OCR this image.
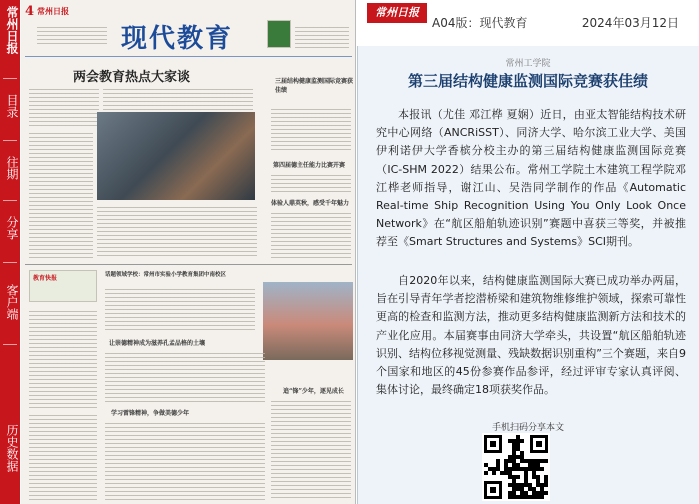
常州日报
目录
往期
分享
客户端
历史数据
4 常州日报
现代教育
两会教育热点大家谈	三届结构健康监测国际竞赛获佳绩
第四届德主任能力比赛开赛
体验人鼎英秋，感受千年魅力
教育快报	话题领域学校：常州市实验小学教育集团中南校区
让崇德精神成为滋养孔孟品格的土壤
追“锋”少年，逐见成长
学习雷锋精神，争做美德少年
常州日报
A04版：现代教育	2024年03月12日
常州工学院
第三届结构健康监测国际竞赛获佳绩
本报讯（尤佳 邓江桦 夏娴）近日，由亚太智能结构技术研究中心网络（ANCRiSST）、同济大学、哈尔滨工业大学、美国伊利诺伊大学香槟分校主办的第三届结构健康监测国际竞赛（IC-SHM 2022）结果公布。常州工学院土木建筑工程学院邓江桦老师指导，谢江山、吴浩同学制作的作品《Automatic Real-time Ship Recognition Using You Only Look Once Network》在“航区船舶轨迹识别”赛题中喜获三等奖，并被推荐至《Smart Structures and Systems》SCI期刊。
自2020年以来，结构健康监测国际大赛已成功举办两届，旨在引导青年学者挖潜桥梁和建筑物维修维护领域，探索可靠性更高的检查和监测方法，推动更多结构健康监测新方法和技术的产业化应用。本届赛事由同济大学牵头，共设置“航区船舶轨迹识别、结构位移视觉测量、残缺数据识别重构”三个赛题，来自9个国家和地区的45份参赛作品参评，经过评审专家认真评阅、集体讨论，最终确定18项获奖作品。
手机扫码分享本文
